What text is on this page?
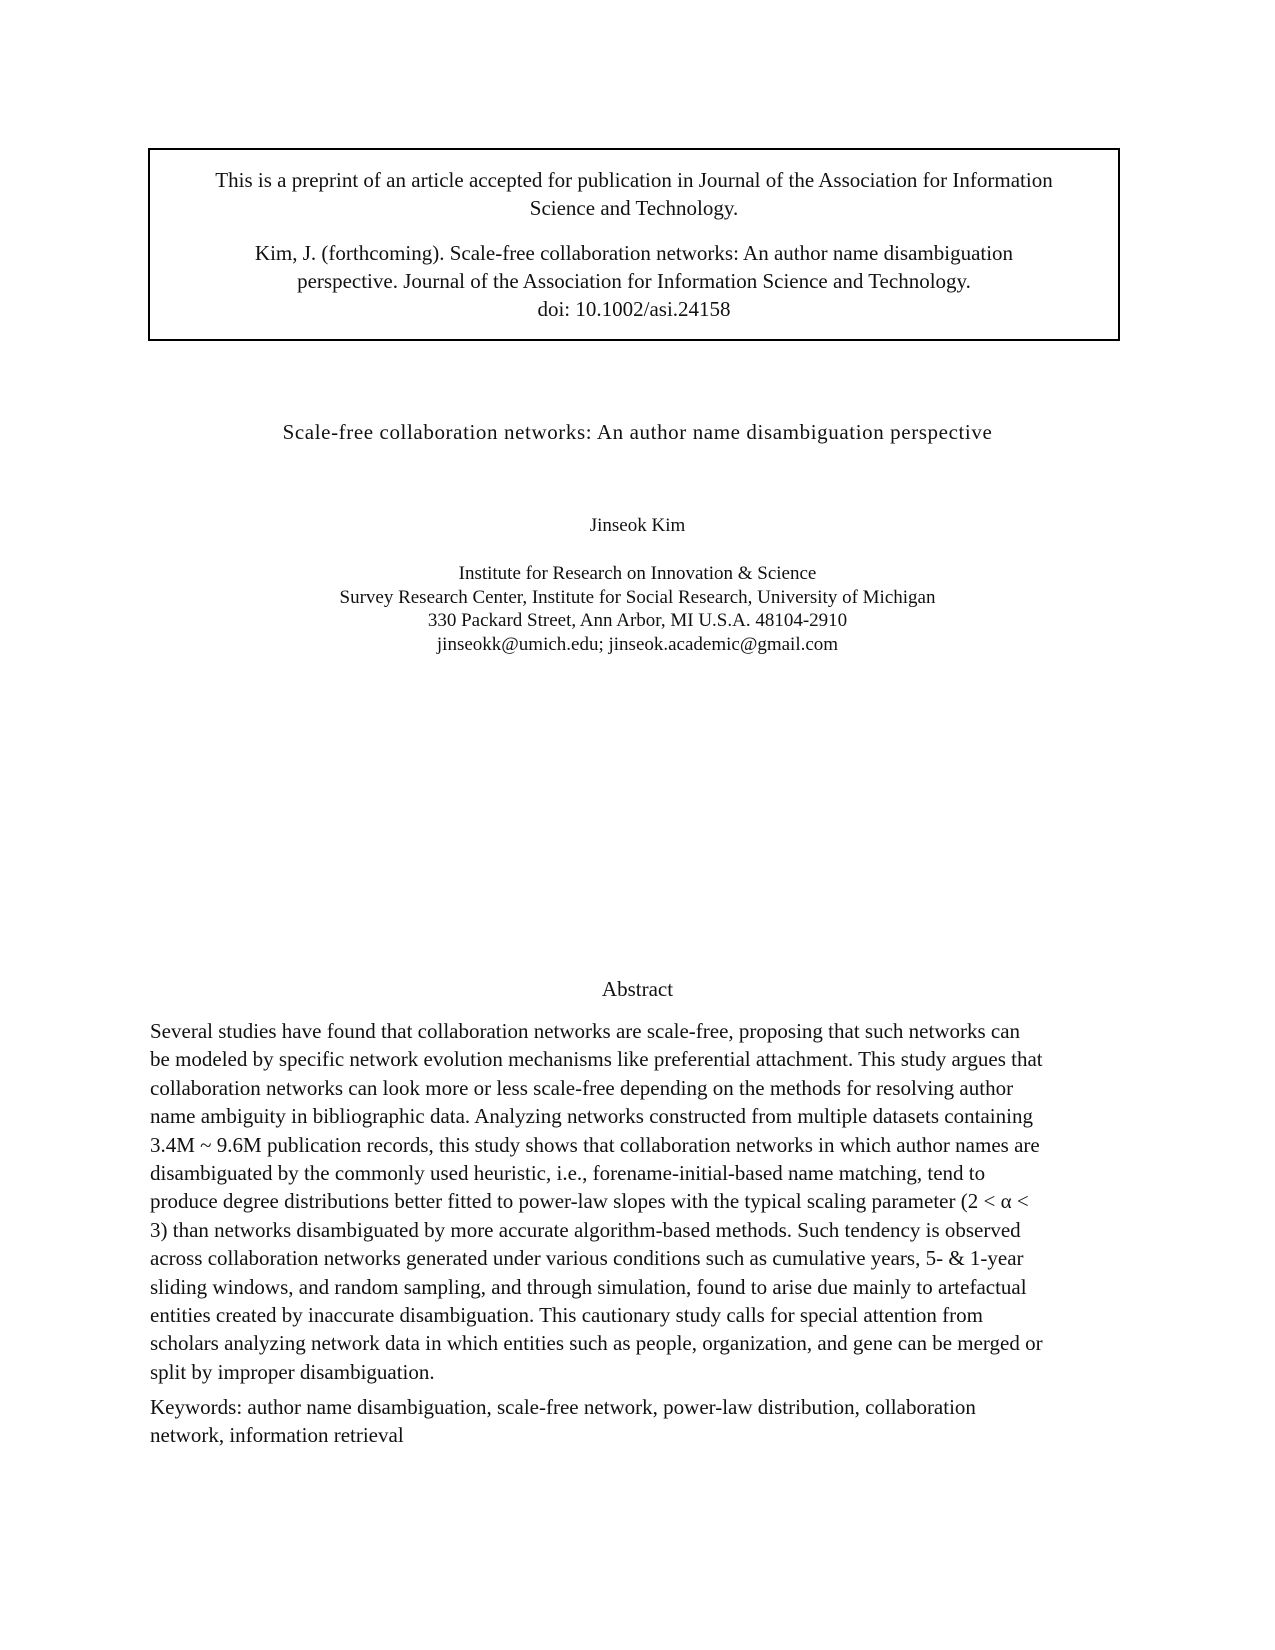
This is a preprint of an article accepted for publication in Journal of the Association for Information
Science and Technology.

Kim, J. (forthcoming). Scale-free collaboration networks: An author name disambiguation
perspective. Journal of the Association for Information Science and Technology.
doi: 10.1002/asi.24158

Scale-free collaboration networks: An author name disambiguation perspective
Jinseok Kim
Institute for Research on Innovation & Science
Survey Research Center, Institute for Social Research, University of Michigan
330 Packard Street, Ann Arbor, MI U.S.A. 48104-2910
jinseokk@umich.edu; jinseok.academic@gmail.com
Abstract

Several studies have found that collaboration networks are scale-free, proposing that such networks can
be modeled by specific network evolution mechanisms like preferential attachment. This study argues that
collaboration networks can look more or less scale-free depending on the methods for resolving author
name ambiguity in bibliographic data. Analyzing networks constructed from multiple datasets containing
3.4M ~ 9.6M publication records, this study shows that collaboration networks in which author names are
disambiguated by the commonly used heuristic, i.e., forename-initial-based name matching, tend to
produce degree distributions better fitted to power-law slopes with the typical scaling parameter (2 < α <
3) than networks disambiguated by more accurate algorithm-based methods. Such tendency is observed
across collaboration networks generated under various conditions such as cumulative years, 5- & 1-year
sliding windows, and random sampling, and through simulation, found to arise due mainly to artefactual
entities created by inaccurate disambiguation. This cautionary study calls for special attention from
scholars analyzing network data in which entities such as people, organization, and gene can be merged or
split by improper disambiguation.

Keywords: author name disambiguation, scale-free network, power-law distribution, collaboration
network, information retrieval
